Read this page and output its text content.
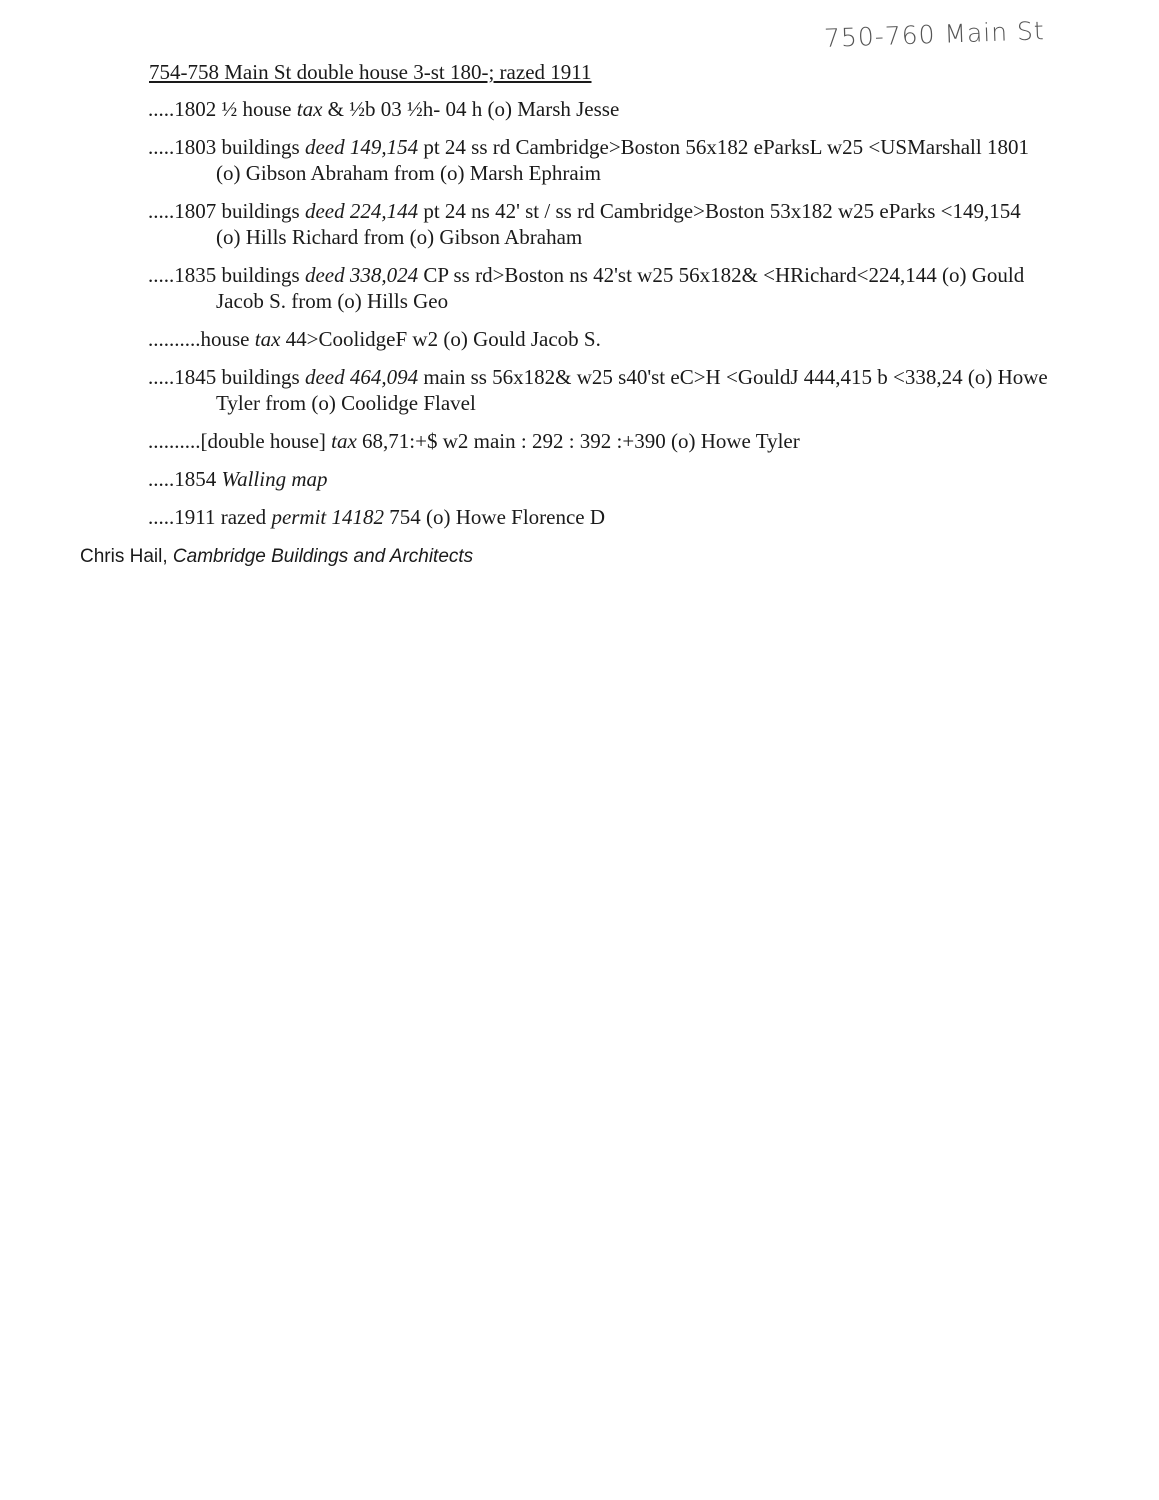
750-760 Main St
754-758 Main St double house 3-st 180-; razed 1911
.....1802 ½ house tax & ½b 03 ½h- 04 h (o) Marsh Jesse
.....1803 buildings deed 149,154 pt 24 ss rd Cambridge>Boston 56x182 eParksL w25 <USMarshall 1801 (o) Gibson Abraham from (o) Marsh Ephraim
.....1807 buildings deed 224,144 pt 24 ns 42' st / ss rd Cambridge>Boston 53x182 w25 eParks <149,154 (o) Hills Richard from (o) Gibson Abraham
.....1835 buildings deed 338,024 CP ss rd>Boston ns 42'st w25 56x182& <HRichard<224,144 (o) Gould Jacob S. from (o) Hills Geo
..........house tax 44>CoolidgeF w2 (o) Gould Jacob S.
.....1845 buildings deed 464,094 main ss 56x182& w25 s40'st eC>H <GouldJ 444,415 b <338,24 (o) Howe Tyler from (o) Coolidge Flavel
..........[double house] tax 68,71:+$ w2 main : 292 : 392 :+390 (o) Howe Tyler
.....1854 Walling map
.....1911 razed permit 14182 754 (o) Howe Florence D
Chris Hail, Cambridge Buildings and Architects
